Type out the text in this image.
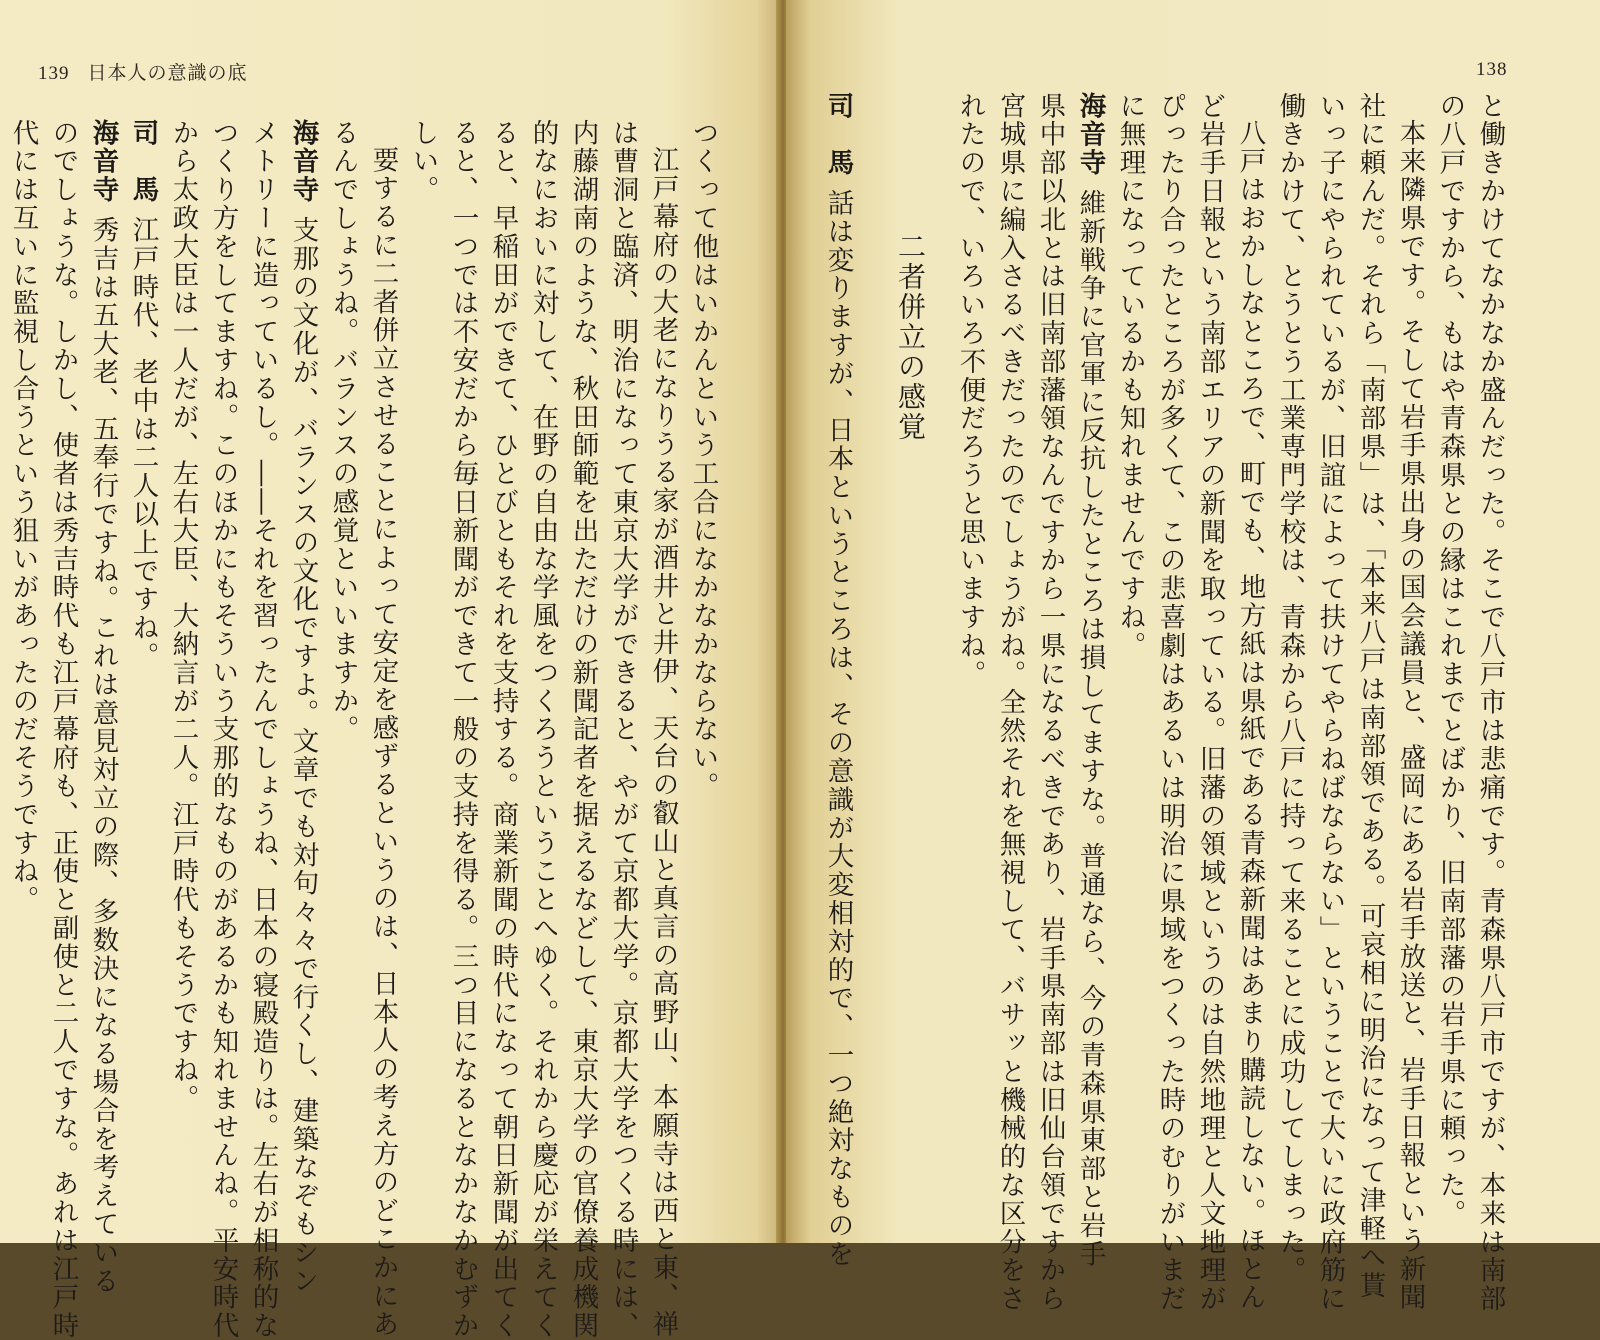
139 日本人の意識の底
つくって他はいかんという工合になかなかならない。
江戸幕府の大老になりうる家が酒井と井伊、天台の叡山と真言の高野山、本願寺は西と東、禅
は曹洞と臨済、明治になって東京大学ができると、やがて京都大学。京都大学をつくる時には、
内藤湖南のような、秋田師範を出ただけの新聞記者を据えるなどして、東京大学の官僚養成機関
的なにおいに対して、在野の自由な学風をつくろうということへゆく。それから慶応が栄えてく
ると、早稲田ができて、ひとびともそれを支持する。商業新聞の時代になって朝日新聞が出てく
ると、一つでは不安だから毎日新聞ができて一般の支持を得る。三つ目になるとなかなかむずか
しい。
要するに二者併立させることによって安定を感ずるというのは、日本人の考え方のどこかにあ
るんでしょうね。バランスの感覚といいますか。
海音寺支那の文化が、バランスの文化ですよ。文章でも対句々々で行くし、建築なぞもシン
メトリーに造っているし。――それを習ったんでしょうね、日本の寝殿造りは。左右が相称的な
つくり方をしてますね。このほかにもそういう支那的なものがあるかも知れませんね。平安時代
から太政大臣は一人だが、左右大臣、大納言が二人。江戸時代もそうですね。
司　馬江戸時代、老中は二人以上ですね。
海音寺秀吉は五大老、五奉行ですね。これは意見対立の際、多数決になる場合を考えている
のでしょうな。しかし、使者は秀吉時代も江戸幕府も、正使と副使と二人ですな。あれは江戸時
代には互いに監視し合うという狙いがあったのだそうですね。
138
と働きかけてなかなか盛んだった。そこで八戸市は悲痛です。青森県八戸市ですが、本来は南部
の八戸ですから、もはや青森県との縁はこれまでとばかり、旧南部藩の岩手県に頼った。
本来隣県です。そして岩手県出身の国会議員と、盛岡にある岩手放送と、岩手日報という新聞
社に頼んだ。それら「南部県」は、「本来八戸は南部領である。可哀相に明治になって津軽へ貰
いっ子にやられているが、旧誼によって扶けてやらねばならない」ということで大いに政府筋に
働きかけて、とうとう工業専門学校は、青森から八戸に持って来ることに成功してしまった。
八戸はおかしなところで、町でも、地方紙は県紙である青森新聞はあまり購読しない。ほとん
ど岩手日報という南部エリアの新聞を取っている。旧藩の領域というのは自然地理と人文地理が
ぴったり合ったところが多くて、この悲喜劇はあるいは明治に県域をつくった時のむりがいまだ
に無理になっているかも知れませんですね。
海音寺維新戦争に官軍に反抗したところは損してますな。普通なら、今の青森県東部と岩手
県中部以北とは旧南部藩領なんですから一県になるべきであり、岩手県南部は旧仙台領ですから
宮城県に編入さるべきだったのでしょうがね。全然それを無視して、バサッと機械的な区分をさ
れたので、いろいろ不便だろうと思いますね。
二者併立の感覚
司　馬話は変りますが、日本というところは、その意識が大変相対的で、一つ絶対なものを
